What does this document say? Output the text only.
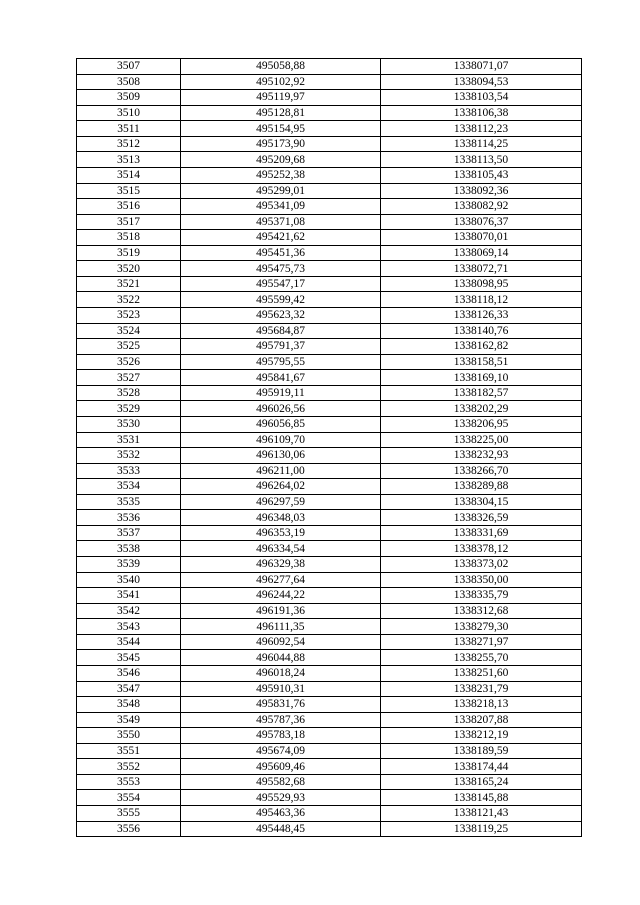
3507	495058,88	1338071,07
3508	495102,92	1338094,53
3509	495119,97	1338103,54
3510	495128,81	1338106,38
3511	495154,95	1338112,23
3512	495173,90	1338114,25
3513	495209,68	1338113,50
3514	495252,38	1338105,43
3515	495299,01	1338092,36
3516	495341,09	1338082,92
3517	495371,08	1338076,37
3518	495421,62	1338070,01
3519	495451,36	1338069,14
3520	495475,73	1338072,71
3521	495547,17	1338098,95
3522	495599,42	1338118,12
3523	495623,32	1338126,33
3524	495684,87	1338140,76
3525	495791,37	1338162,82
3526	495795,55	1338158,51
3527	495841,67	1338169,10
3528	495919,11	1338182,57
3529	496026,56	1338202,29
3530	496056,85	1338206,95
3531	496109,70	1338225,00
3532	496130,06	1338232,93
3533	496211,00	1338266,70
3534	496264,02	1338289,88
3535	496297,59	1338304,15
3536	496348,03	1338326,59
3537	496353,19	1338331,69
3538	496334,54	1338378,12
3539	496329,38	1338373,02
3540	496277,64	1338350,00
3541	496244,22	1338335,79
3542	496191,36	1338312,68
3543	496111,35	1338279,30
3544	496092,54	1338271,97
3545	496044,88	1338255,70
3546	496018,24	1338251,60
3547	495910,31	1338231,79
3548	495831,76	1338218,13
3549	495787,36	1338207,88
3550	495783,18	1338212,19
3551	495674,09	1338189,59
3552	495609,46	1338174,44
3553	495582,68	1338165,24
3554	495529,93	1338145,88
3555	495463,36	1338121,43
3556	495448,45	1338119,25
